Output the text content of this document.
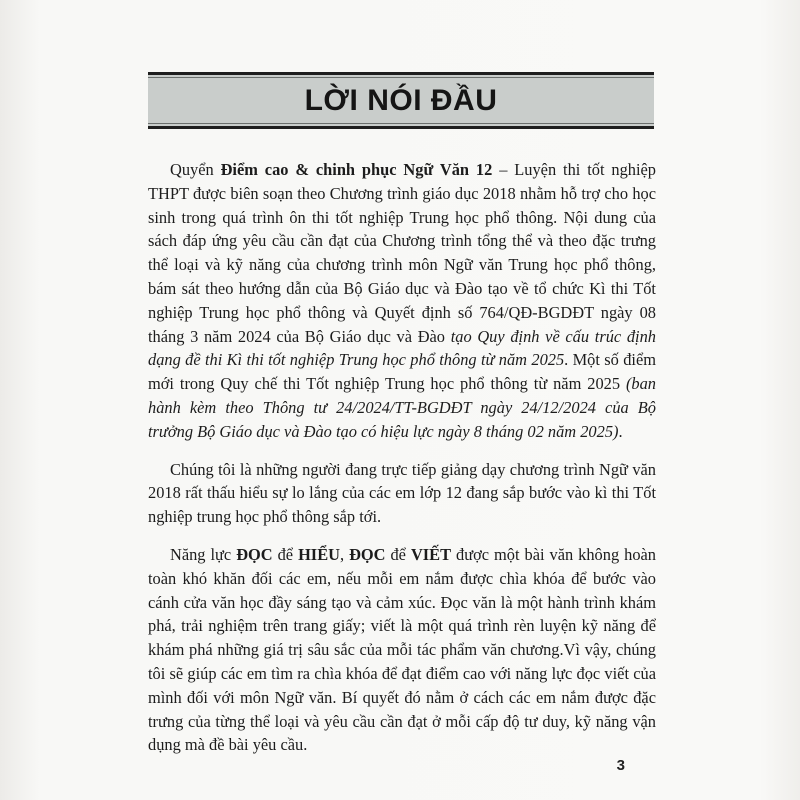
LỜI NÓI ĐẦU

Quyển Điểm cao & chinh phục Ngữ Văn 12 – Luyện thi tốt nghiệp THPT được biên soạn theo Chương trình giáo dục 2018 nhằm hỗ trợ cho học sinh trong quá trình ôn thi tốt nghiệp Trung học phổ thông. Nội dung của sách đáp ứng yêu cầu cần đạt của Chương trình tổng thể và theo đặc trưng thể loại và kỹ năng của chương trình môn Ngữ văn Trung học phổ thông, bám sát theo hướng dẫn của Bộ Giáo dục và Đào tạo về tổ chức Kì thi Tốt nghiệp Trung học phổ thông và Quyết định số 764/QĐ-BGDĐT ngày 08 tháng 3 năm 2024 của Bộ Giáo dục và Đào tạo Quy định về cấu trúc định dạng đề thi Kì thi tốt nghiệp Trung học phổ thông từ năm 2025. Một số điểm mới trong Quy chế thi Tốt nghiệp Trung học phổ thông từ năm 2025 (ban hành kèm theo Thông tư 24/2024/TT-BGDĐT ngày 24/12/2024 của Bộ trưởng Bộ Giáo dục và Đào tạo có hiệu lực ngày 8 tháng 02 năm 2025).

Chúng tôi là những người đang trực tiếp giảng dạy chương trình Ngữ văn 2018 rất thấu hiểu sự lo lắng của các em lớp 12 đang sắp bước vào kì thi Tốt nghiệp trung học phổ thông sắp tới.

Năng lực ĐỌC để HIỂU, ĐỌC để VIẾT được một bài văn không hoàn toàn khó khăn đối các em, nếu mỗi em nắm được chìa khóa để bước vào cánh cửa văn học đầy sáng tạo và cảm xúc. Đọc văn là một hành trình khám phá, trải nghiệm trên trang giấy; viết là một quá trình rèn luyện kỹ năng để khám phá những giá trị sâu sắc của mỗi tác phẩm văn chương.Vì vậy, chúng tôi sẽ giúp các em tìm ra chìa khóa để đạt điểm cao với năng lực đọc viết của mình đối với môn Ngữ văn. Bí quyết đó nằm ở cách các em nắm được đặc trưng của từng thể loại và yêu cầu cần đạt ở mỗi cấp độ tư duy, kỹ năng vận dụng mà đề bài yêu cầu.

3
